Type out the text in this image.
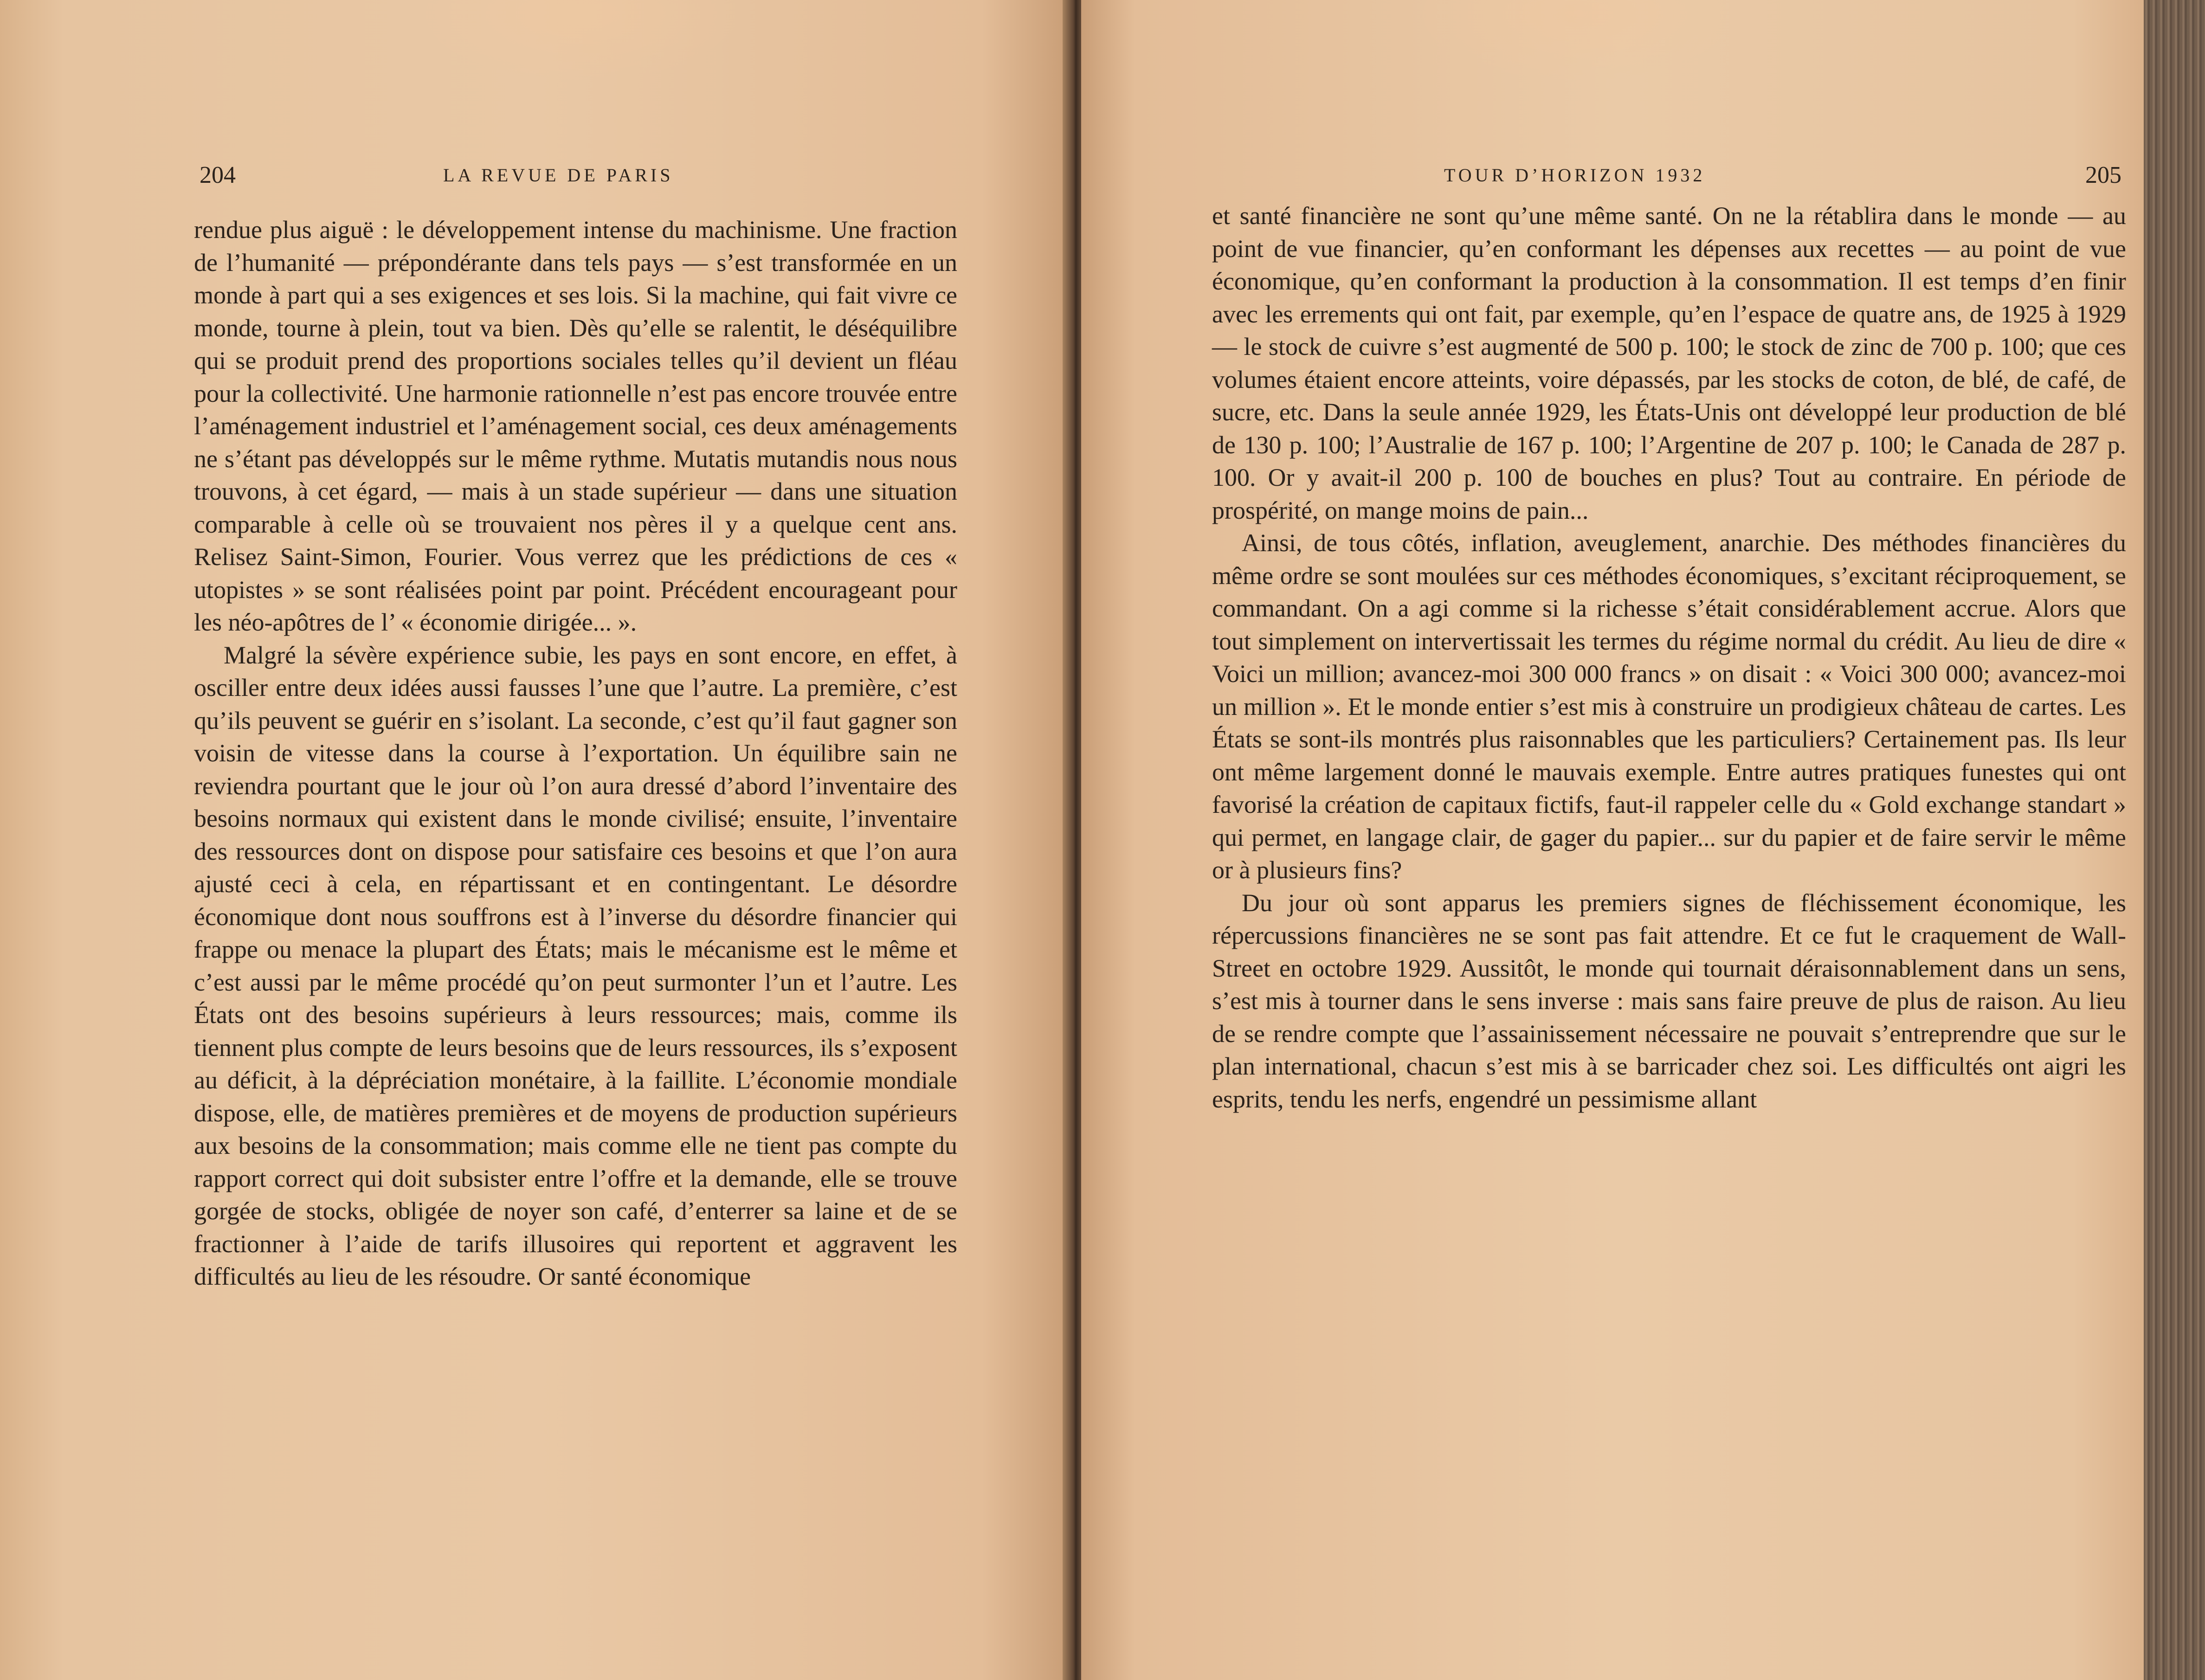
204	LA REVUE DE PARIS

rendue plus aiguë : le développement intense du machinisme. Une fraction de l’humanité — prépondérante dans tels pays — s’est transformée en un monde à part qui a ses exigences et ses lois. Si la machine, qui fait vivre ce monde, tourne à plein, tout va bien. Dès qu’elle se ralentit, le déséquilibre qui se produit prend des proportions sociales telles qu’il devient un fléau pour la collectivité. Une harmonie rationnelle n’est pas encore trouvée entre l’aménagement industriel et l’aménagement social, ces deux aménagements ne s’étant pas développés sur le même rythme. Mutatis mutandis nous nous trouvons, à cet égard, — mais à un stade supérieur — dans une situation comparable à celle où se trouvaient nos pères il y a quelque cent ans. Relisez Saint-Simon, Fourier. Vous verrez que les prédictions de ces « utopistes » se sont réalisées point par point. Précédent encourageant pour les néo-apôtres de l’ « économie dirigée... ».

Malgré la sévère expérience subie, les pays en sont encore, en effet, à osciller entre deux idées aussi fausses l’une que l’autre. La première, c’est qu’ils peuvent se guérir en s’isolant. La seconde, c’est qu’il faut gagner son voisin de vitesse dans la course à l’exportation. Un équilibre sain ne reviendra pourtant que le jour où l’on aura dressé d’abord l’inventaire des besoins normaux qui existent dans le monde civilisé; ensuite, l’inventaire des ressources dont on dispose pour satisfaire ces besoins et que l’on aura ajusté ceci à cela, en répartissant et en contingentant. Le désordre économique dont nous souffrons est à l’inverse du désordre financier qui frappe ou menace la plupart des États; mais le mécanisme est le même et c’est aussi par le même procédé qu’on peut surmonter l’un et l’autre. Les États ont des besoins supérieurs à leurs ressources; mais, comme ils tiennent plus compte de leurs besoins que de leurs ressources, ils s’exposent au déficit, à la dépréciation monétaire, à la faillite. L’économie mondiale dispose, elle, de matières premières et de moyens de production supérieurs aux besoins de la consommation; mais comme elle ne tient pas compte du rapport correct qui doit subsister entre l’offre et la demande, elle se trouve gorgée de stocks, obligée de noyer son café, d’enterrer sa laine et de se fractionner à l’aide de tarifs illusoires qui reportent et aggravent les difficultés au lieu de les résoudre. Or santé économique

TOUR D’HORIZON 1932	205

et santé financière ne sont qu’une même santé. On ne la rétablira dans le monde — au point de vue financier, qu’en conformant les dépenses aux recettes — au point de vue économique, qu’en conformant la production à la consommation. Il est temps d’en finir avec les errements qui ont fait, par exemple, qu’en l’espace de quatre ans, de 1925 à 1929 — le stock de cuivre s’est augmenté de 500 p. 100; le stock de zinc de 700 p. 100; que ces volumes étaient encore atteints, voire dépassés, par les stocks de coton, de blé, de café, de sucre, etc. Dans la seule année 1929, les États-Unis ont développé leur production de blé de 130 p. 100; l’Australie de 167 p. 100; l’Argentine de 207 p. 100; le Canada de 287 p. 100. Or y avait-il 200 p. 100 de bouches en plus? Tout au contraire. En période de prospérité, on mange moins de pain...

Ainsi, de tous côtés, inflation, aveuglement, anarchie. Des méthodes financières du même ordre se sont moulées sur ces méthodes économiques, s’excitant réciproquement, se commandant. On a agi comme si la richesse s’était considérablement accrue. Alors que tout simplement on intervertissait les termes du régime normal du crédit. Au lieu de dire « Voici un million; avancez-moi 300 000 francs » on disait : « Voici 300 000; avancez-moi un million ». Et le monde entier s’est mis à construire un prodigieux château de cartes. Les États se sont-ils montrés plus raisonnables que les particuliers? Certainement pas. Ils leur ont même largement donné le mauvais exemple. Entre autres pratiques funestes qui ont favorisé la création de capitaux fictifs, faut-il rappeler celle du « Gold exchange standart » qui permet, en langage clair, de gager du papier... sur du papier et de faire servir le même or à plusieurs fins?

Du jour où sont apparus les premiers signes de fléchissement économique, les répercussions financières ne se sont pas fait attendre. Et ce fut le craquement de Wall-Street en octobre 1929. Aussitôt, le monde qui tournait déraisonnablement dans un sens, s’est mis à tourner dans le sens inverse : mais sans faire preuve de plus de raison. Au lieu de se rendre compte que l’assainissement nécessaire ne pouvait s’entreprendre que sur le plan international, chacun s’est mis à se barricader chez soi. Les difficultés ont aigri les esprits, tendu les nerfs, engendré un pessimisme allant
